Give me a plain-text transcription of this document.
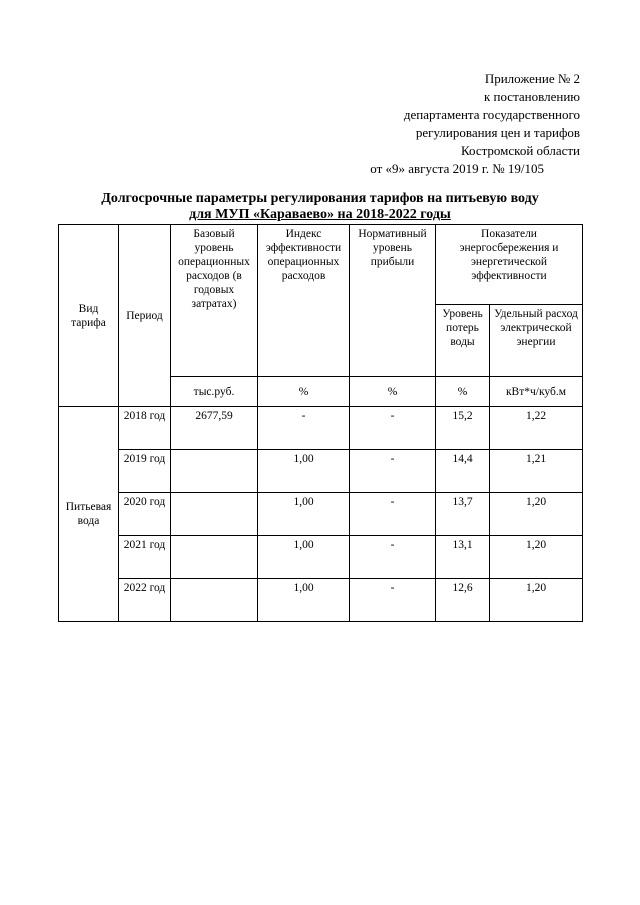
Приложение № 2
к постановлению
департамента государственного
регулирования цен и тарифов
Костромской области
от «9» августа 2019 г. № 19/105
Долгосрочные параметры регулирования тарифов на питьевую воду
для МУП «Караваево» на 2018-2022 годы
Вид тарифа	Период	Базовый уровень операционных расходов (в годовых затратах)	Индекс эффективности операционных расходов	Нормативный уровень прибыли	Показатели энергосбережения и энергетической эффективности	
					Уровень потерь воды	Удельный расход электрической энергии
		тыс.руб.	%	%	%	кВт*ч/куб.м
Питьевая вода	2018 год	2677,59	-	-	15,2	1,22
	2019 год		1,00	-	14,4	1,21
	2020 год		1,00	-	13,7	1,20
	2021 год		1,00	-	13,1	1,20
	2022 год		1,00	-	12,6	1,20
